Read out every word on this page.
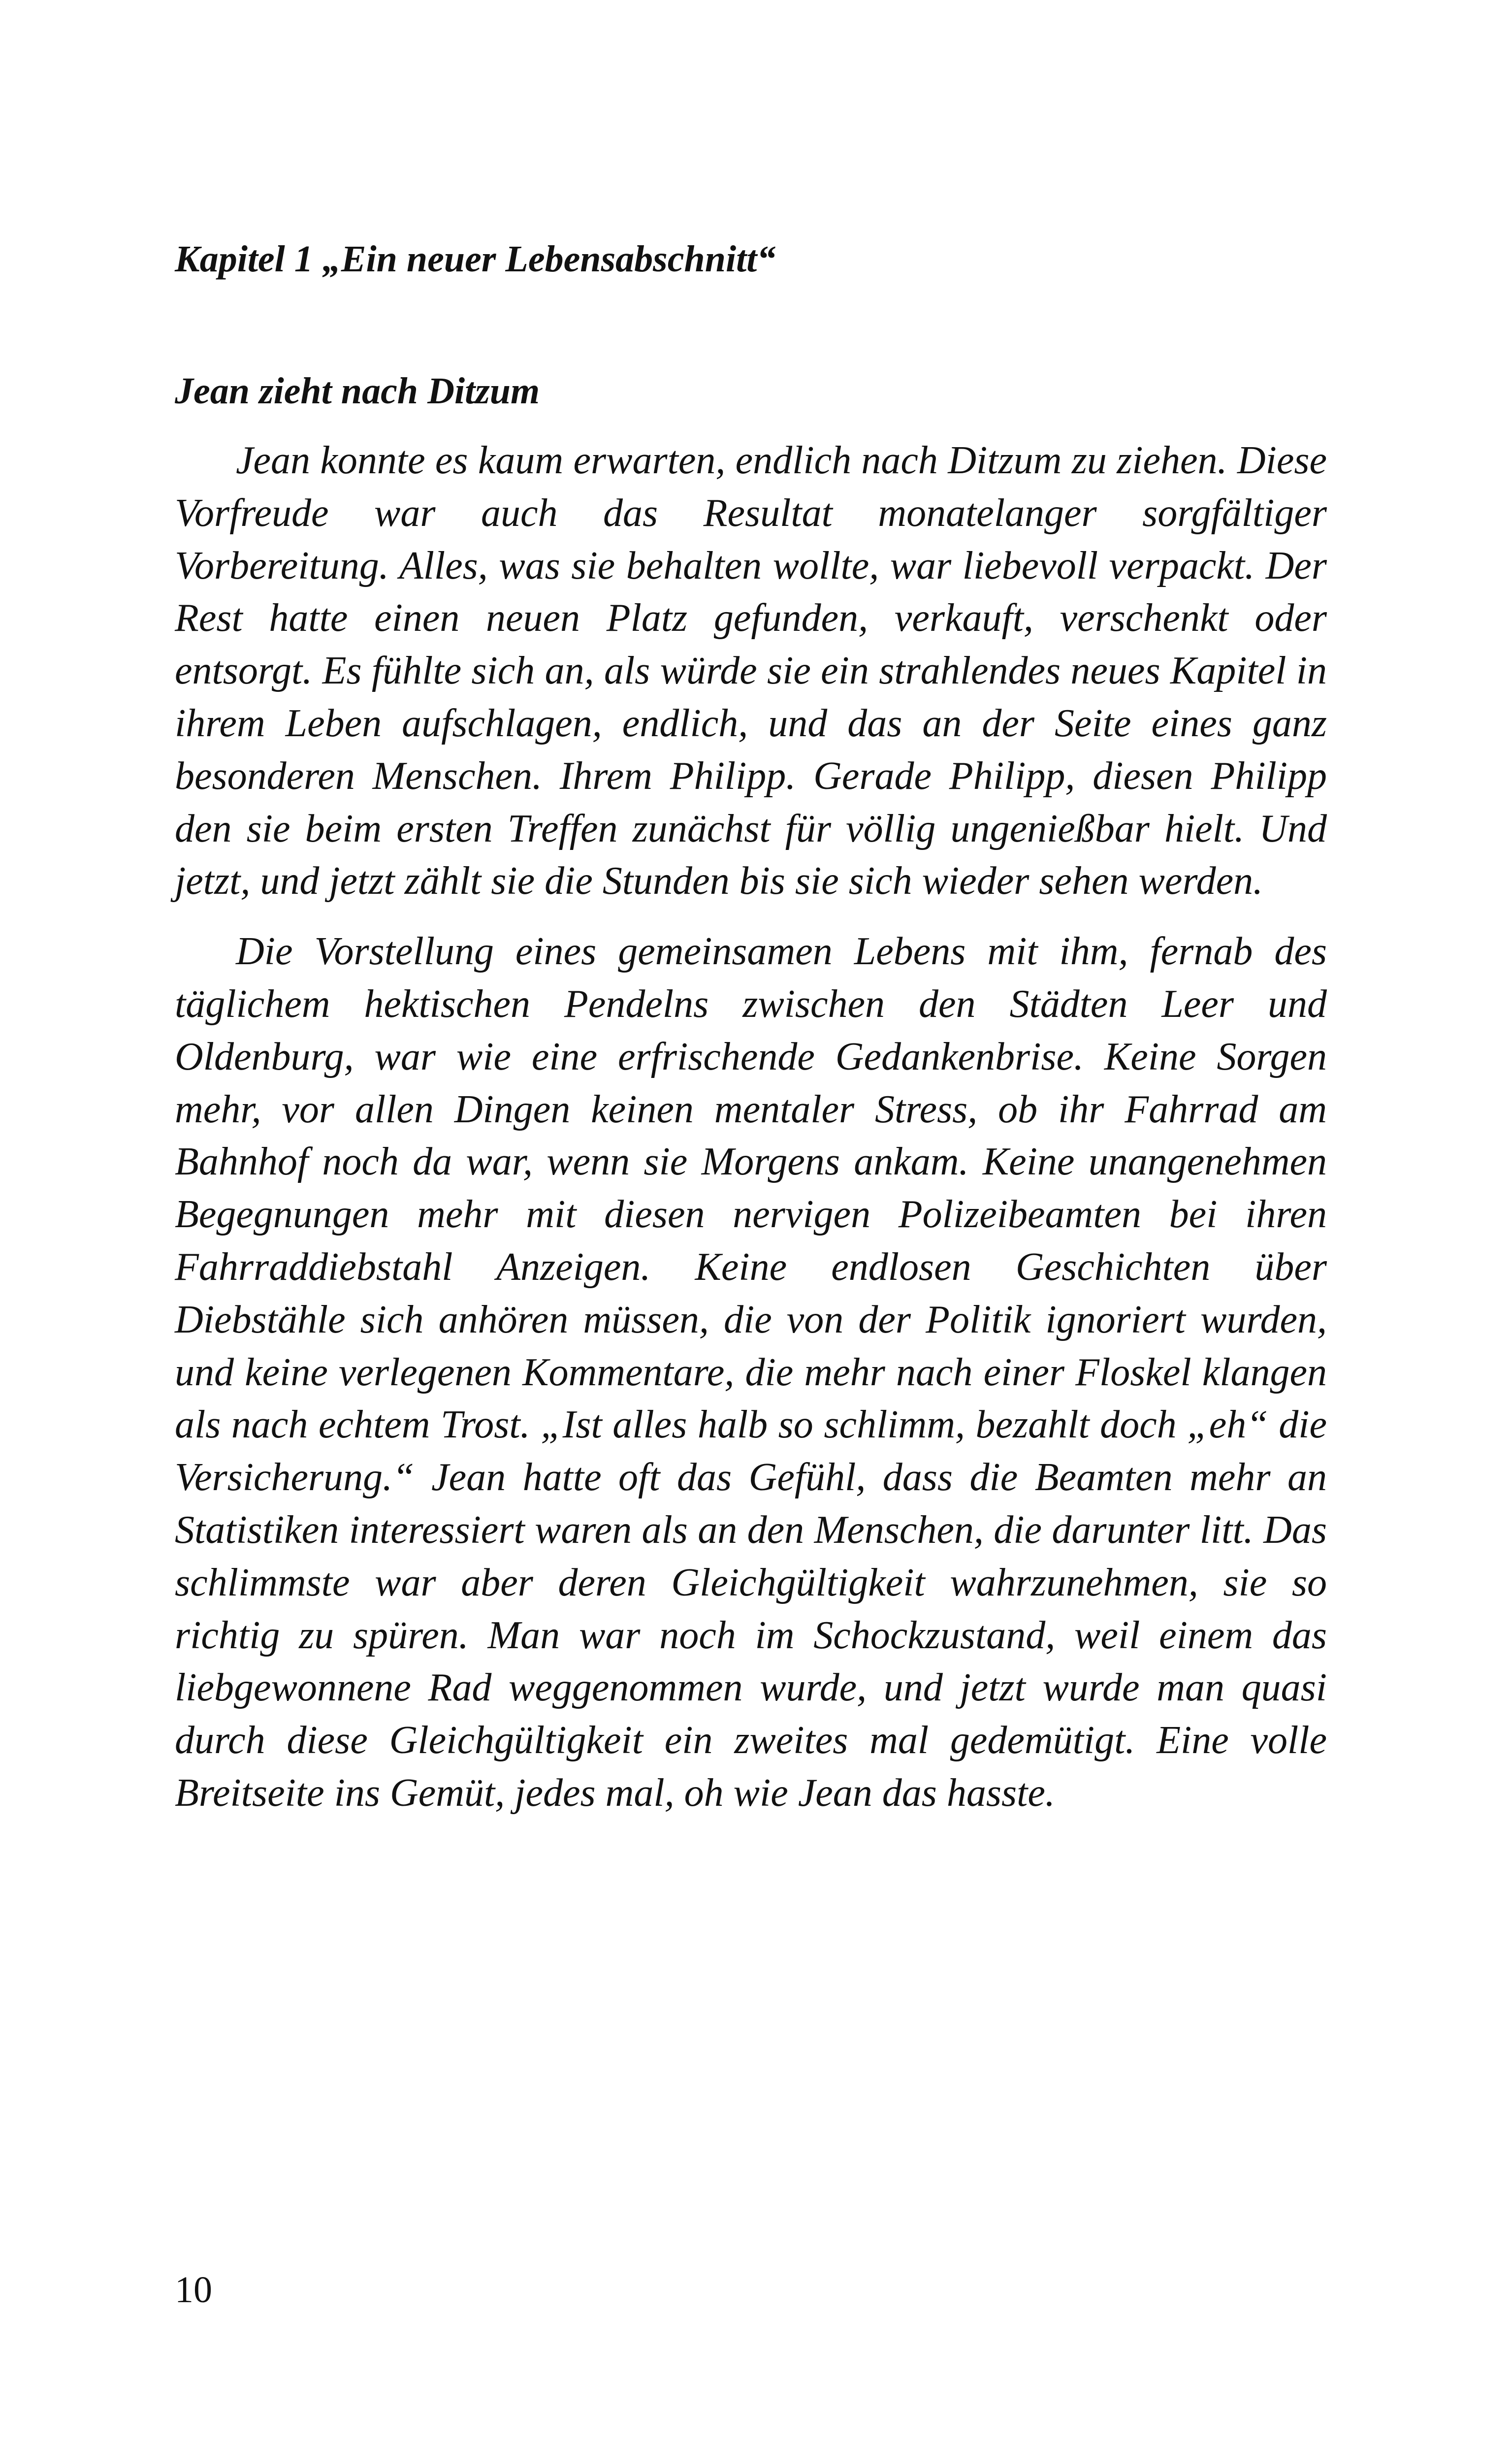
Kapitel 1 „Ein neuer Lebensabschnitt“
Jean zieht nach Ditzum

Jean konnte es kaum erwarten, endlich nach Ditzum zu ziehen. Diese Vorfreude war auch das Resultat monatelanger sorgfältiger Vorbereitung. Alles, was sie behalten wollte, war liebevoll verpackt. Der Rest hatte einen neuen Platz gefunden, verkauft, verschenkt oder entsorgt. Es fühlte sich an, als würde sie ein strahlendes neues Kapitel in ihrem Leben aufschlagen, endlich, und das an der Seite eines ganz besonderen Menschen. Ihrem Philipp. Gerade Philipp, diesen Philipp den sie beim ersten Treffen zunächst für völlig ungenießbar hielt. Und jetzt, und jetzt zählt sie die Stunden bis sie sich wieder sehen werden.

Die Vorstellung eines gemeinsamen Lebens mit ihm, fernab des täglichem hektischen Pendelns zwischen den Städten Leer und Oldenburg, war wie eine erfrischende Gedankenbrise. Keine Sorgen mehr, vor allen Dingen keinen mentaler Stress, ob ihr Fahrrad am Bahnhof noch da war, wenn sie Morgens ankam. Keine unangenehmen Begegnungen mehr mit diesen nervigen Polizeibeamten bei ihren Fahrraddiebstahl Anzeigen. Keine endlosen Geschichten über Diebstähle sich anhören müssen, die von der Politik ignoriert wurden, und keine verlegenen Kommentare, die mehr nach einer Floskel klangen als nach echtem Trost. „Ist alles halb so schlimm, bezahlt doch „eh“ die Versicherung.“ Jean hatte oft das Gefühl, dass die Beamten mehr an Statistiken interessiert waren als an den Menschen, die darunter litt. Das schlimmste war aber deren Gleichgültigkeit wahrzunehmen, sie so richtig zu spüren. Man war noch im Schockzustand, weil einem das liebgewonnene Rad weggenommen wurde, und jetzt wurde man quasi durch diese Gleichgültigkeit ein zweites mal gedemütigt. Eine volle Breitseite ins Gemüt, jedes mal, oh wie Jean das hasste.

10
